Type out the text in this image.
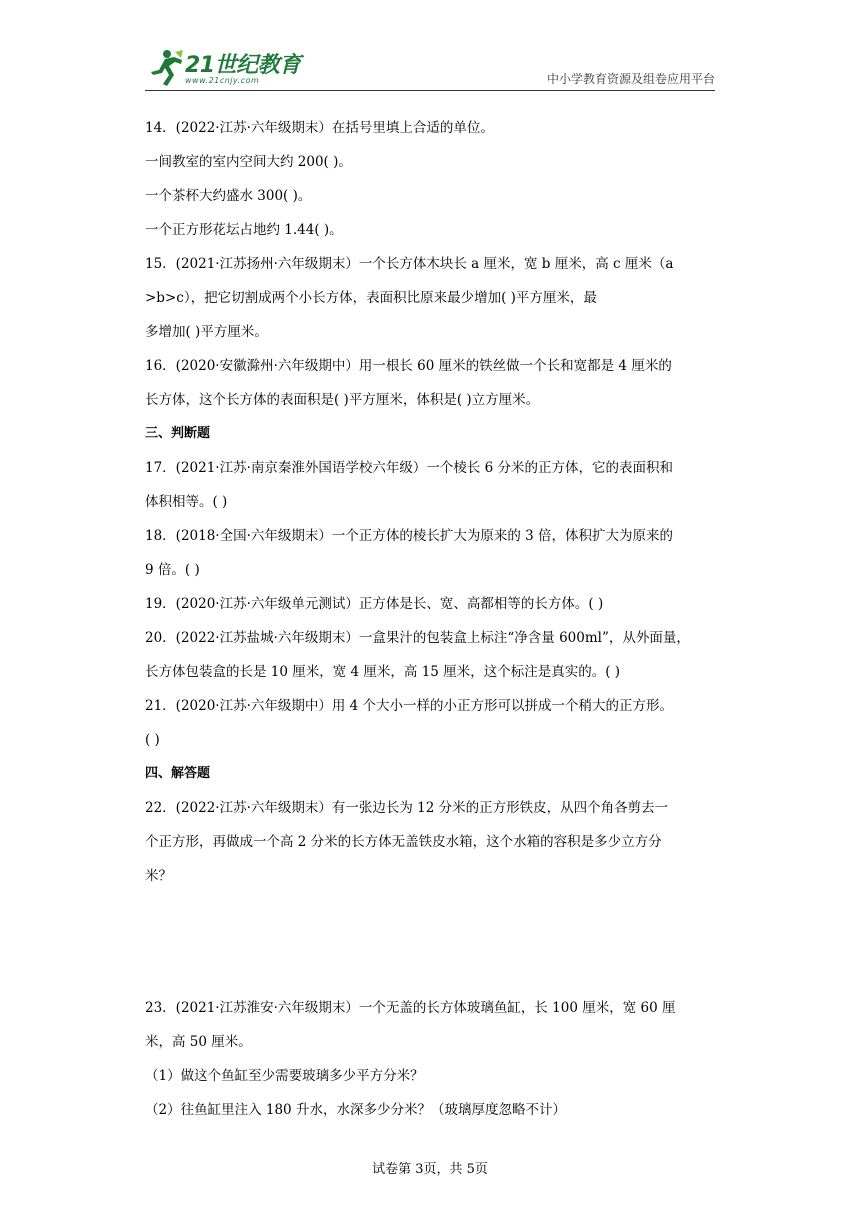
21世纪教育
www.21cnjy.com	中小学教育资源及组卷应用平台
14．(2022·江苏·六年级期末）在括号里填上合适的单位。
一间教室的室内空间大约 200( )。
一个茶杯大约盛水 300( )。
一个正方形花坛占地约 1.44( )。
15．(2021·江苏扬州·六年级期末）一个长方体木块长 a 厘米，宽 b 厘米，高 c 厘米（a
>b>c），把它切割成两个小长方体，表面积比原来最少增加( )平方厘米，最
多增加( )平方厘米。
16．(2020·安徽滁州·六年级期中）用一根长 60 厘米的铁丝做一个长和宽都是 4 厘米的
长方体，这个长方体的表面积是( )平方厘米，体积是( )立方厘米。
三、判断题
17．(2021·江苏·南京秦淮外国语学校六年级）一个棱长 6 分米的正方体，它的表面积和
体积相等。( )
18．(2018·全国·六年级期末）一个正方体的棱长扩大为原来的 3 倍，体积扩大为原来的
9 倍。( )
19．(2020·江苏·六年级单元测试）正方体是长、宽、高都相等的长方体。( )
20．(2022·江苏盐城·六年级期末）一盒果汁的包装盒上标注“净含量 600ml”，从外面量，
长方体包装盒的长是 10 厘米，宽 4 厘米，高 15 厘米，这个标注是真实的。( )
21．(2020·江苏·六年级期中）用 4 个大小一样的小正方形可以拼成一个稍大的正方形。
( )
四、解答题
22．(2022·江苏·六年级期末）有一张边长为 12 分米的正方形铁皮，从四个角各剪去一
个正方形，再做成一个高 2 分米的长方体无盖铁皮水箱，这个水箱的容积是多少立方分
米？
23．(2021·江苏淮安·六年级期末）一个无盖的长方体玻璃鱼缸，长 100 厘米，宽 60 厘
米，高 50 厘米。
（1）做这个鱼缸至少需要玻璃多少平方分米？
（2）往鱼缸里注入 180 升水，水深多少分米？（玻璃厚度忽略不计）
试卷第 3页，共 5页
